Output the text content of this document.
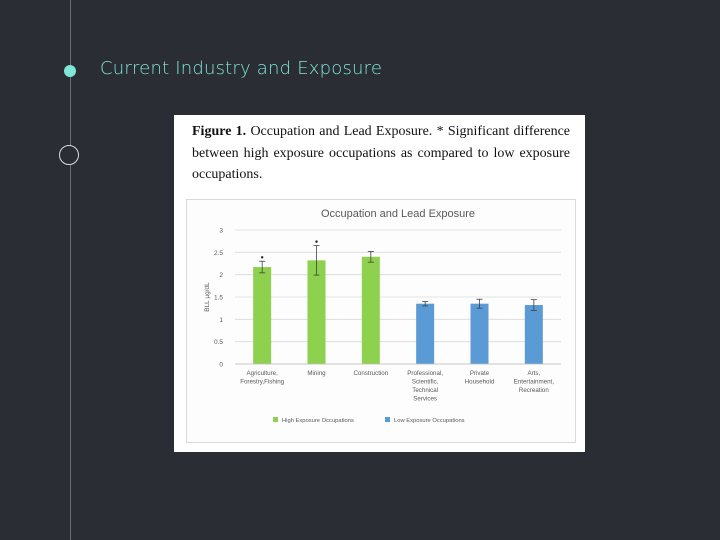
Current Industry and Exposure
Figure 1. Occupation and Lead Exposure. * Significant difference between high exposure occupations as compared to low exposure occupations.
Occupation and Lead Exposure
0
0.5
1
1.5
2
2.5
3
BLL µg/dL
Agriculture,
Forestry,Fishing
Mining	Construction	Professional,
Scientific,
Technical
Services
Private
Household
Arts,
Entertainment,
Recreation
High Exposure Occupations	Low Exposure Occupations
